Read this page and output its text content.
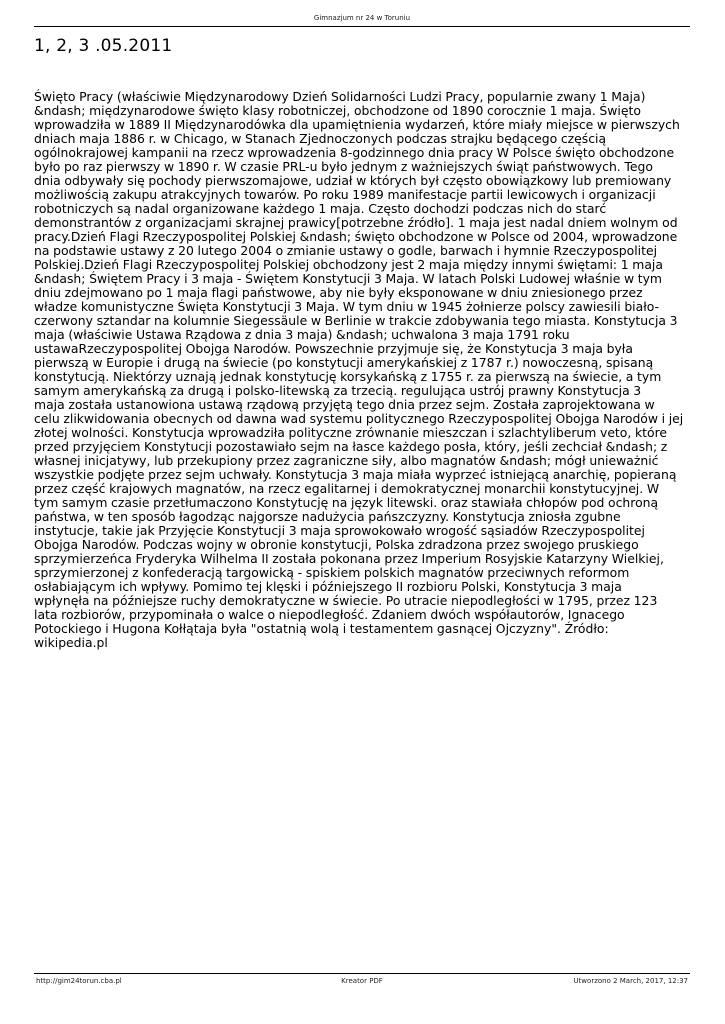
Gimnazjum nr 24 w Toruniu
1, 2, 3 .05.2011
Święto Pracy (właściwie Międzynarodowy Dzień Solidarności Ludzi Pracy, popularnie zwany 1 Maja)
&ndash; międzynarodowe święto klasy robotniczej, obchodzone od 1890 corocznie 1 maja. Święto
wprowadziła w 1889 II Międzynarodówka dla upamiętnienia wydarzeń, które miały miejsce w pierwszych
dniach maja 1886 r. w Chicago, w Stanach Zjednoczonych podczas strajku będącego częścią
ogólnokrajowej kampanii na rzecz wprowadzenia 8-godzinnego dnia pracy W Polsce święto obchodzone
było po raz pierwszy w 1890 r. W czasie PRL-u było jednym z ważniejszych świąt państwowych. Tego
dnia odbywały się pochody pierwszomajowe, udział w których był często obowiązkowy lub premiowany
możliwością zakupu atrakcyjnych towarów. Po roku 1989 manifestacje partii lewicowych i organizacji
robotniczych są nadal organizowane każdego 1 maja. Często dochodzi podczas nich do starć
demonstrantów z organizacjami skrajnej prawicy[potrzebne źródło]. 1 maja jest nadal dniem wolnym od
pracy.Dzień Flagi Rzeczypospolitej Polskiej &ndash; święto obchodzone w Polsce od 2004, wprowadzone
na podstawie ustawy z 20 lutego 2004 o zmianie ustawy o godle, barwach i hymnie Rzeczypospolitej
Polskiej.Dzień Flagi Rzeczypospolitej Polskiej obchodzony jest 2 maja między innymi świętami: 1 maja
&ndash; Świętem Pracy i 3 maja - Świętem Konstytucji 3 Maja. W latach Polski Ludowej właśnie w tym
dniu zdejmowano po 1 maja flagi państwowe, aby nie były eksponowane w dniu zniesionego przez
władze komunistyczne Święta Konstytucji 3 Maja. W tym dniu w 1945 żołnierze polscy zawiesili biało-
czerwony sztandar na kolumnie Siegessäule w Berlinie w trakcie zdobywania tego miasta. Konstytucja 3
maja (właściwie Ustawa Rządowa z dnia 3 maja) &ndash; uchwalona 3 maja 1791 roku
ustawaRzeczypospolitej Obojga Narodów. Powszechnie przyjmuje się, że Konstytucja 3 maja była
pierwszą w Europie i drugą na świecie (po konstytucji amerykańskiej z 1787 r.) nowoczesną, spisaną
konstytucją. Niektórzy uznają jednak konstytucję korsykańską z 1755 r. za pierwszą na świecie, a tym
samym amerykańską za drugą i polsko-litewską za trzecią. regulująca ustrój prawny Konstytucja 3
maja została ustanowiona ustawą rządową przyjętą tego dnia przez sejm. Została zaprojektowana w
celu zlikwidowania obecnych od dawna wad systemu politycznego Rzeczypospolitej Obojga Narodów i jej
złotej wolności. Konstytucja wprowadziła polityczne zrównanie mieszczan i szlachtyliberum veto, które
przed przyjęciem Konstytucji pozostawiało sejm na łasce każdego posła, który, jeśli zechciał &ndash; z
własnej inicjatywy, lub przekupiony przez zagraniczne siły, albo magnatów &ndash; mógł unieważnić
wszystkie podjęte przez sejm uchwały. Konstytucja 3 maja miała wyprzeć istniejącą anarchię, popieraną
przez część krajowych magnatów, na rzecz egalitarnej i demokratycznej monarchii konstytucyjnej. W
tym samym czasie przetłumaczono Konstytucję na język litewski. oraz stawiała chłopów pod ochroną
państwa, w ten sposób łagodząc najgorsze nadużycia pańszczyzny. Konstytucja zniosła zgubne
instytucje, takie jak Przyjęcie Konstytucji 3 maja sprowokowało wrogość sąsiadów Rzeczypospolitej
Obojga Narodów. Podczas wojny w obronie konstytucji, Polska zdradzona przez swojego pruskiego
sprzymierzeńca Fryderyka Wilhelma II została pokonana przez Imperium Rosyjskie Katarzyny Wielkiej,
sprzymierzonej z konfederacją targowicką - spiskiem polskich magnatów przeciwnych reformom
osłabiającym ich wpływy. Pomimo tej klęski i późniejszego II rozbioru Polski, Konstytucja 3 maja
wpłynęła na późniejsze ruchy demokratyczne w świecie. Po utracie niepodległości w 1795, przez 123
lata rozbiorów, przypominała o walce o niepodległość. Zdaniem dwóch współautorów, Ignacego
Potockiego i Hugona Kołłątaja była "ostatnią wolą i testamentem gasnącej Ojczyzny". Źródło:
wikipedia.pl
http://gim24torun.cba.pl	Kreator PDF	Utworzono 2 March, 2017, 12:37
